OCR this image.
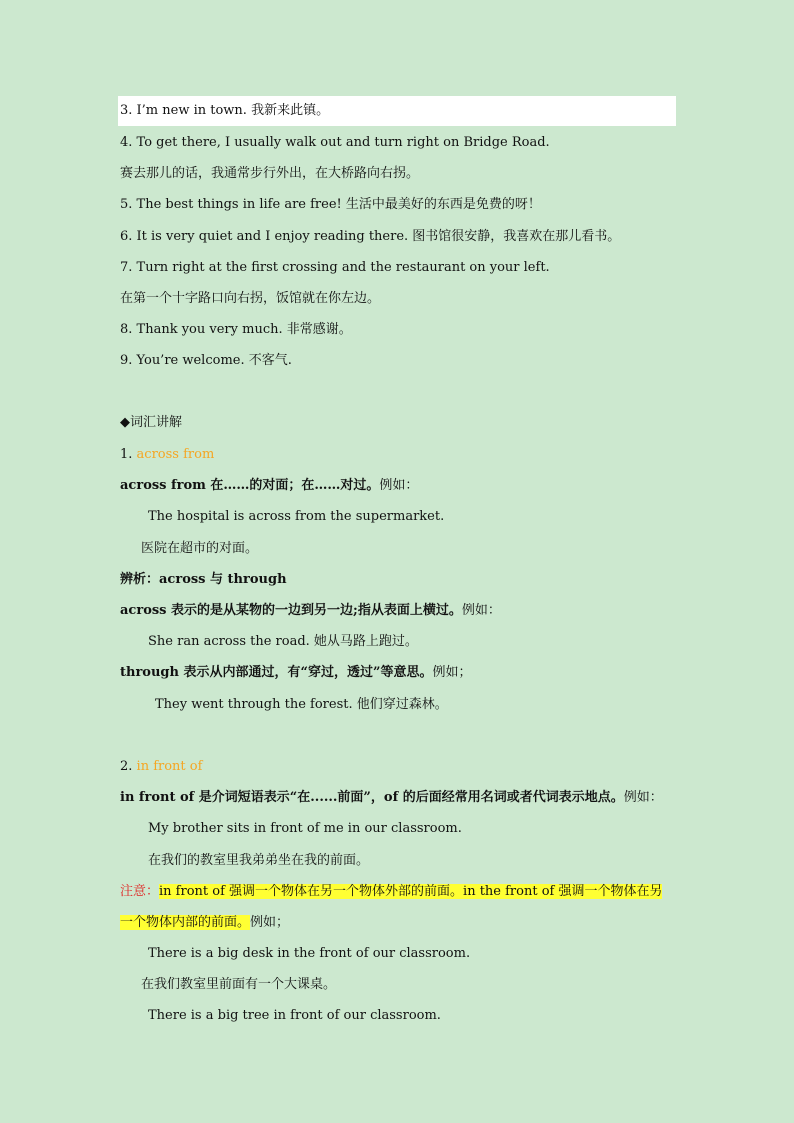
3. I’m new in town. 我新来此镇。
4. To get there, I usually walk out and turn right on Bridge Road.
赛去那儿的话，我通常步行外出，在大桥路向右拐。
5. The best things in life are free! 生活中最美好的东西是免费的呀！
6. It is very quiet and I enjoy reading there. 图书馆很安静，我喜欢在那儿看书。
7. Turn right at the first crossing and the restaurant on your left.
在第一个十字路口向右拐，饭馆就在你左边。
8. Thank you very much. 非常感谢。
9. You’re welcome. 不客气.
◆词汇讲解
1. across from
across from 在……的对面；在……对过。例如：
The hospital is across from the supermarket.
医院在超市的对面。
辨析：across 与 through
across 表示的是从某物的一边到另一边;指从表面上横过。例如：
She ran across the road. 她从马路上跑过。
through 表示从内部通过，有“穿过，透过”等意思。例如；
They went through the forest. 他们穿过森林。
2. in front of
in front of 是介词短语表示“在......前面”，of 的后面经常用名词或者代词表示地点。例如：
My brother sits in front of me in our classroom.
在我们的教室里我弟弟坐在我的前面。
注意：in front of 强调一个物体在另一个物体外部的前面。in the front of 强调一个物体在另
一个物体内部的前面。例如；
There is a big desk in the front of our classroom.
在我们教室里前面有一个大课桌。
There is a big tree in front of our classroom.
